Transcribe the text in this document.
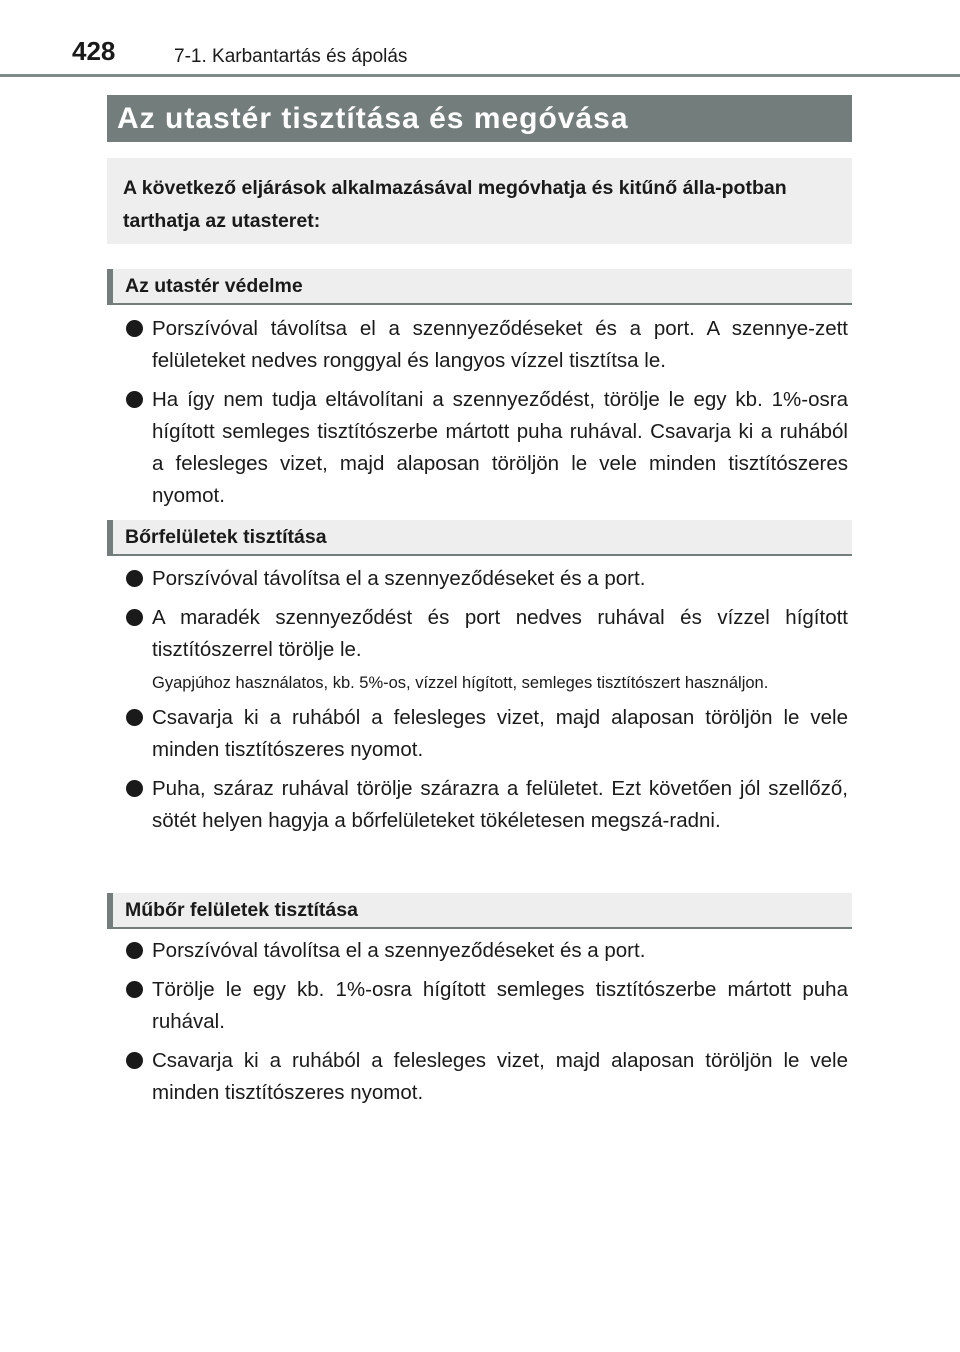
428	7-1. Karbantartás és ápolás
Az utastér tisztítása és megóvása
A következő eljárások alkalmazásával megóvhatja és kitűnő álla-potban tarthatja az utasteret:
Az utastér védelme
Porszívóval távolítsa el a szennyeződéseket és a port. A szennye-zett felületeket nedves ronggyal és langyos vízzel tisztítsa le.
Ha így nem tudja eltávolítani a szennyeződést, törölje le egy kb. 1%-osra hígított semleges tisztítószerbe mártott puha ruhával. Csavarja ki a ruhából a felesleges vizet, majd alaposan töröljön le vele minden tisztítószeres nyomot.
Bőrfelületek tisztítása
Porszívóval távolítsa el a szennyeződéseket és a port.
A maradék szennyeződést és port nedves ruhával és vízzel hígított tisztítószerrel törölje le.
Gyapjúhoz használatos, kb. 5%-os, vízzel hígított, semleges tisztítószert használjon.
Csavarja ki a ruhából a felesleges vizet, majd alaposan töröljön le vele minden tisztítószeres nyomot.
Puha, száraz ruhával törölje szárazra a felületet. Ezt követően jól szellőző, sötét helyen hagyja a bőrfelületeket tökéletesen megszá-radni.
Műbőr felületek tisztítása
Porszívóval távolítsa el a szennyeződéseket és a port.
Törölje le egy kb. 1%-osra hígított semleges tisztítószerbe mártott puha ruhával.
Csavarja ki a ruhából a felesleges vizet, majd alaposan töröljön le vele minden tisztítószeres nyomot.
